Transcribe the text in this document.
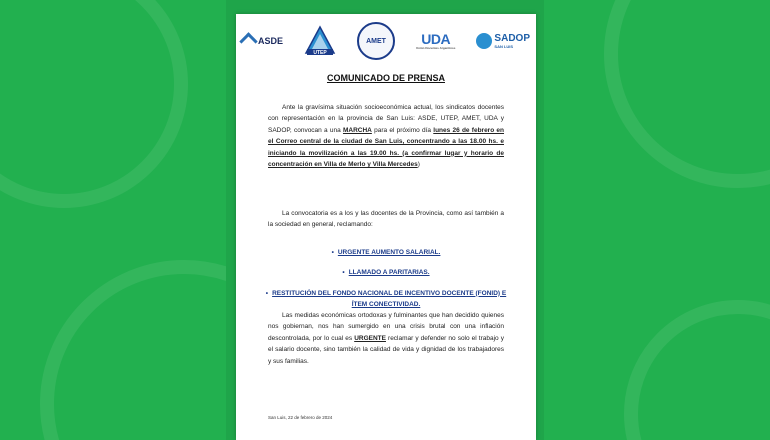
ASDE
UTEP
AMET	UDA
Unión Docentes Argentinos
SADOP
SAN LUIS
COMUNICADO DE PRENSA

Ante la gravísima situación socioeconómica actual, los sindicatos docentes con representación en la provincia de San Luis: ASDE, UTEP, AMET, UDA y SADOP, convocan a una MARCHA para el próximo día lunes 26 de febrero en el Correo central de la ciudad de San Luis, concentrando a las 18.00 hs. e iniciando la movilización a las 19.00 hs. (a confirmar lugar y horario de concentración en Villa de Merlo y Villa Mercedes)

La convocatoria es a los y las docentes de la Provincia, como así también a la sociedad en general, reclamando:

• URGENTE AUMENTO SALARIAL.
• LLAMADO A PARITARIAS.
• RESTITUCIÓN DEL FONDO NACIONAL DE INCENTIVO DOCENTE (FONID) E ÍTEM CONECTIVIDAD.

Las medidas económicas ortodoxas y fulminantes que han decidido quienes nos gobiernan, nos han sumergido en una crisis brutal con una inflación descontrolada, por lo cual es URGENTE reclamar y defender no solo el trabajo y el salario docente, sino también la calidad de vida y dignidad de los trabajadores y sus familias.

San Luis, 22 de febrero de 2024
